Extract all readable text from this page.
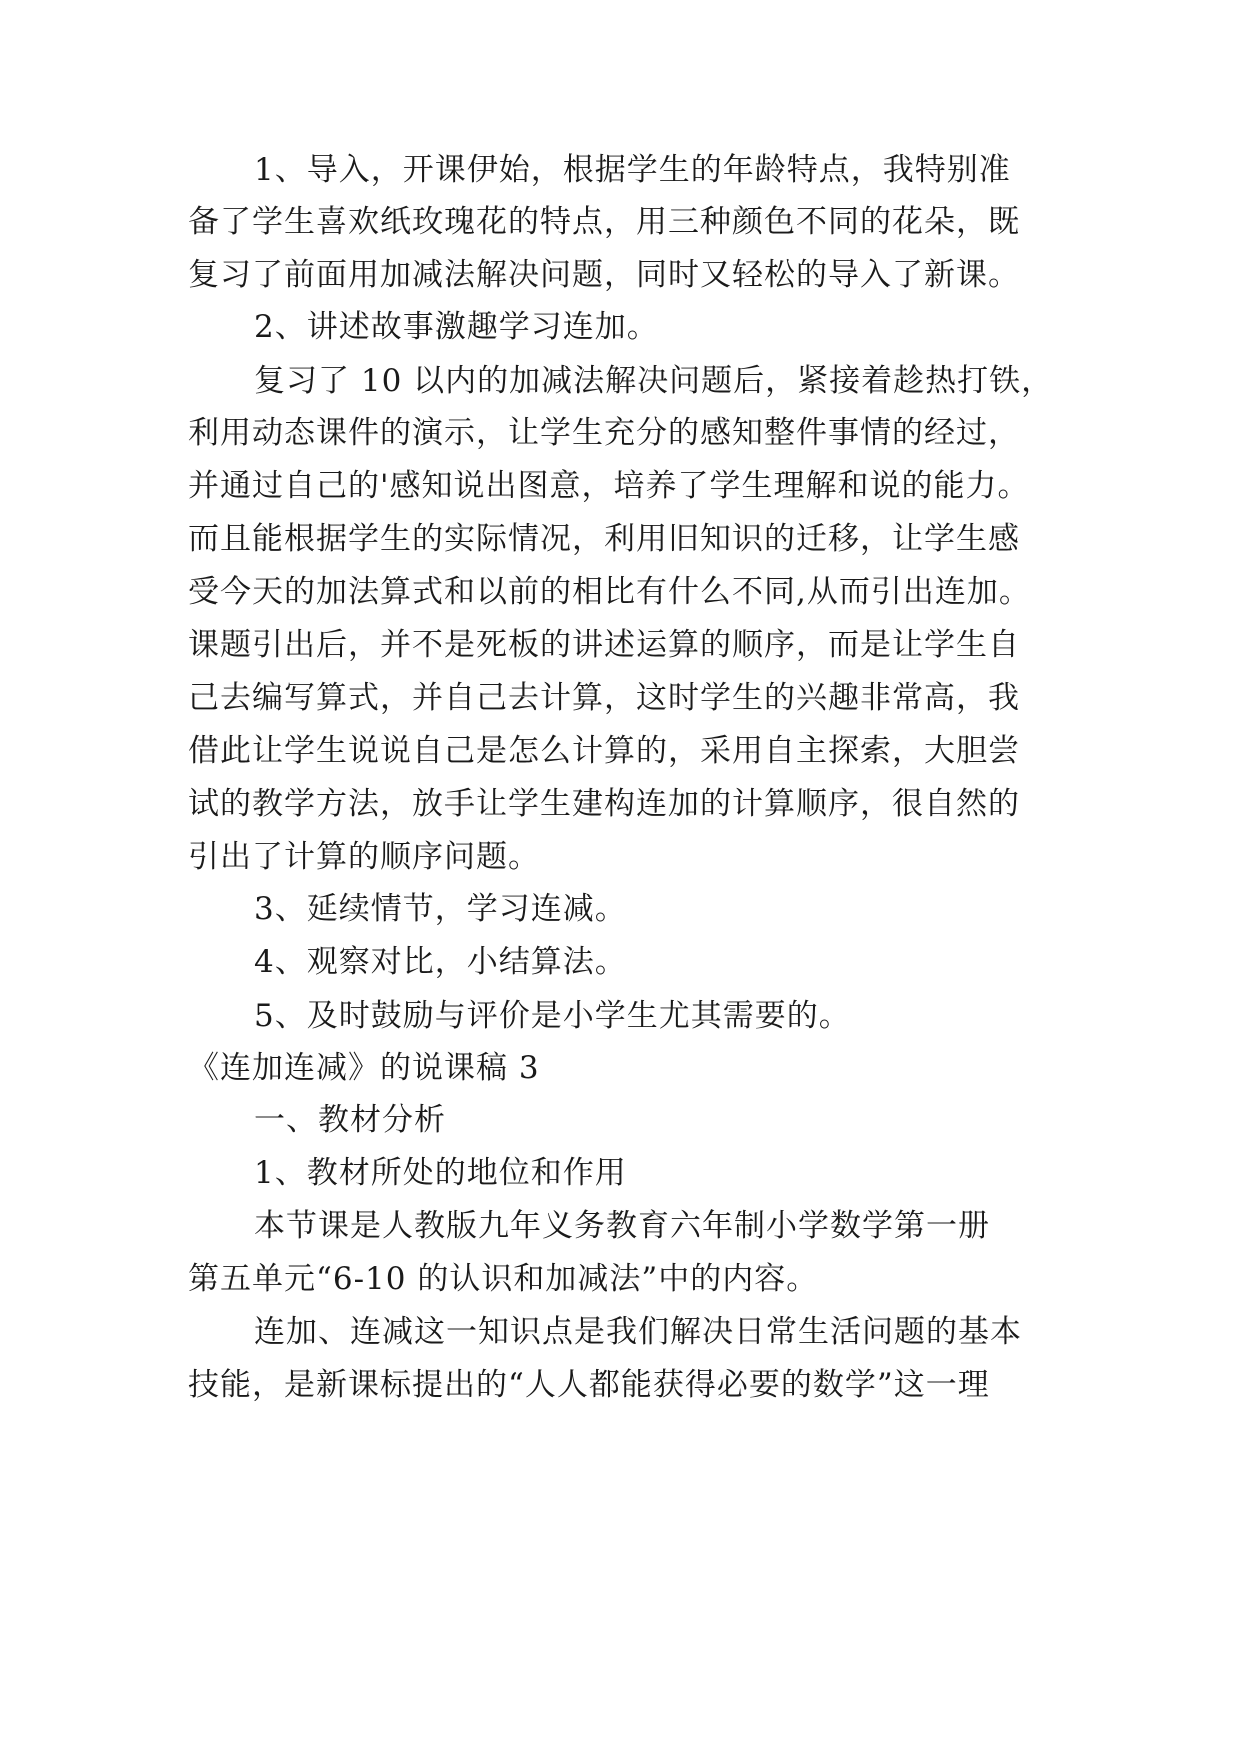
1、导入，开课伊始，根据学生的年龄特点，我特别准
备了学生喜欢纸玫瑰花的特点，用三种颜色不同的花朵，既
复习了前面用加减法解决问题，同时又轻松的导入了新课。
2、讲述故事激趣学习连加。
复习了 10 以内的加减法解决问题后，紧接着趁热打铁，
利用动态课件的演示，让学生充分的感知整件事情的经过，
并通过自己的'感知说出图意，培养了学生理解和说的能力。
而且能根据学生的实际情况，利用旧知识的迁移，让学生感
受今天的加法算式和以前的相比有什么不同,从而引出连加。
课题引出后，并不是死板的讲述运算的顺序，而是让学生自
己去编写算式，并自己去计算，这时学生的兴趣非常高，我
借此让学生说说自己是怎么计算的，采用自主探索，大胆尝
试的教学方法，放手让学生建构连加的计算顺序，很自然的
引出了计算的顺序问题。
3、延续情节，学习连减。
4、观察对比，小结算法。
5、及时鼓励与评价是小学生尤其需要的。
《连加连减》的说课稿 3
一、教材分析
1、教材所处的地位和作用
本节课是人教版九年义务教育六年制小学数学第一册
第五单元“6-10 的认识和加减法”中的内容。
连加、连减这一知识点是我们解决日常生活问题的基本
技能，是新课标提出的“人人都能获得必要的数学”这一理
